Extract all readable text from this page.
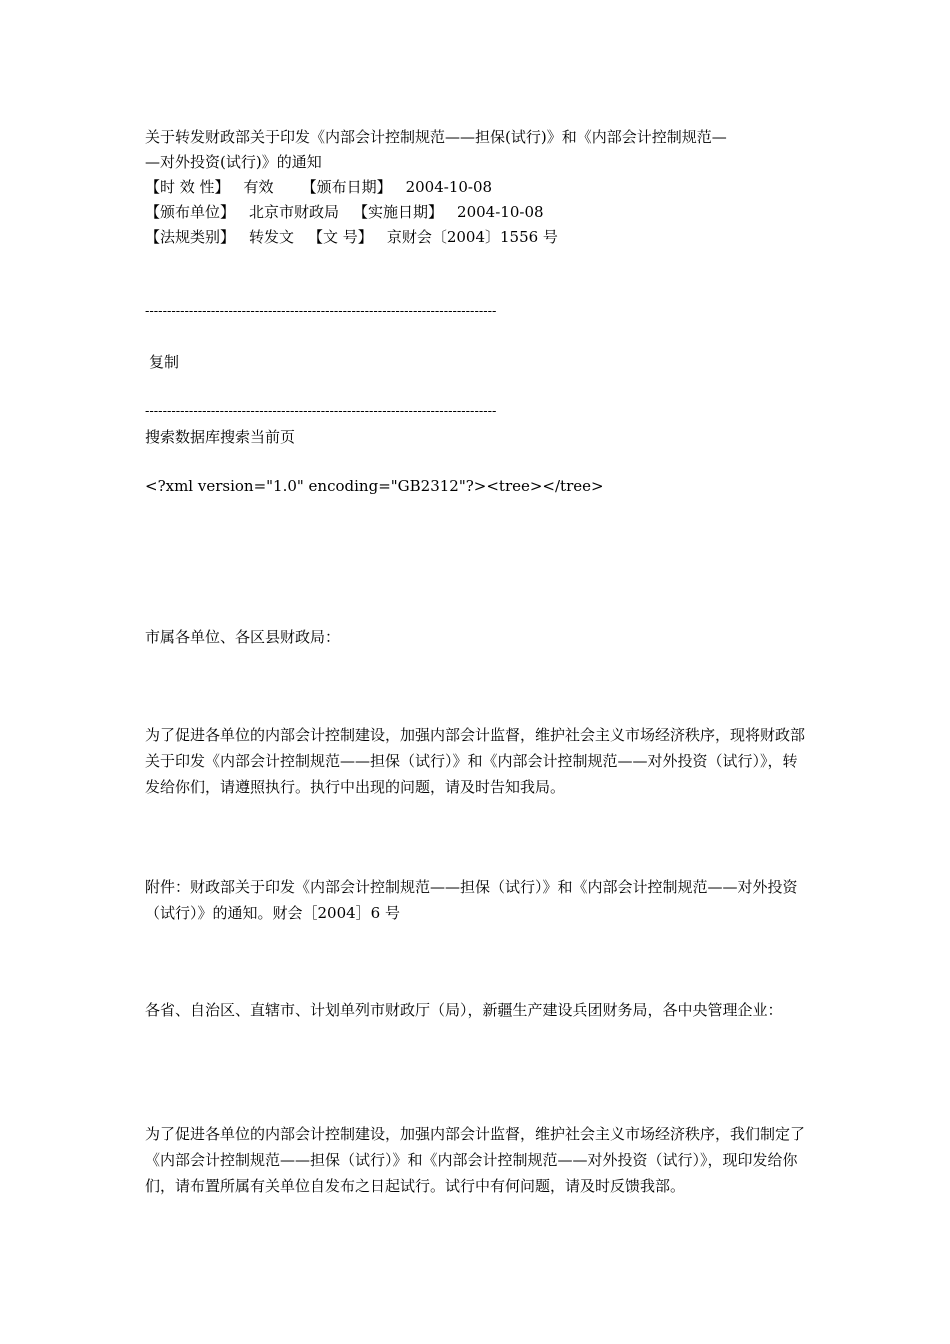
关于转发财政部关于印发《内部会计控制规范——担保(试行)》和《内部会计控制规范—
—对外投资(试行)》的通知
【时 效 性】 有效 【颁布日期】 2004-10-08
【颁布单位】 北京市财政局 【实施日期】 2004-10-08
【法规类别】 转发文 【文 号】 京财会〔2004〕1556 号
--------------------------------------------------------------------------------
复制
--------------------------------------------------------------------------------
搜索数据库搜索当前页
<?xml version="1.0" encoding="GB2312"?><tree></tree>
市属各单位、各区县财政局：
为了促进各单位的内部会计控制建设，加强内部会计监督，维护社会主义市场经济秩序，现将财政部关于印发《内部会计控制规范——担保（试行）》和《内部会计控制规范——对外投资（试行）》，转发给你们，请遵照执行。执行中出现的问题，请及时告知我局。
附件：财政部关于印发《内部会计控制规范——担保（试行）》和《内部会计控制规范——对外投资（试行）》的通知。财会［2004］6 号
各省、自治区、直辖市、计划单列市财政厅（局），新疆生产建设兵团财务局，各中央管理企业：
为了促进各单位的内部会计控制建设，加强内部会计监督，维护社会主义市场经济秩序，我们制定了《内部会计控制规范——担保（试行）》和《内部会计控制规范——对外投资（试行）》，现印发给你们，请布置所属有关单位自发布之日起试行。试行中有何问题，请及时反馈我部。
